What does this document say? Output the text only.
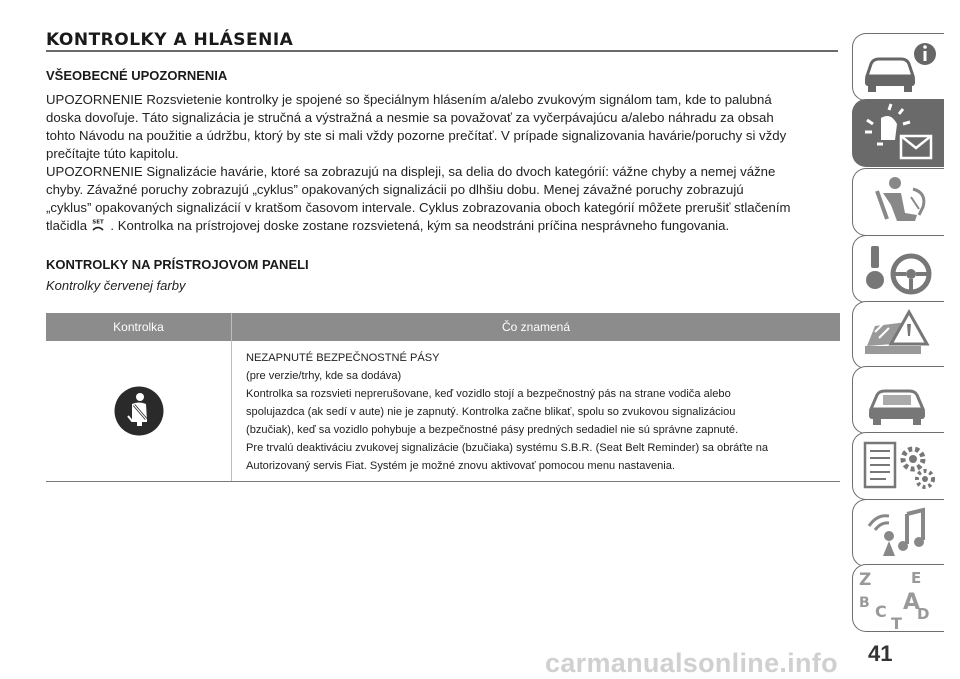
KONTROLKY A HLÁSENIA
VŠEOBECNÉ UPOZORNENIA
UPOZORNENIE Rozsvietenie kontrolky je spojené so špeciálnym hlásením a/alebo zvukovým signálom tam, kde to palubná
doska dovoľuje. Táto signalizácia je stručná a výstražná a nesmie sa považovať za vyčerpávajúcu a/alebo náhradu za obsah
tohto Návodu na použitie a údržbu, ktorý by ste si mali vždy pozorne prečítať. V prípade signalizovania havárie/poruchy si vždy
prečítajte túto kapitolu.
UPOZORNENIE Signalizácie havárie, ktoré sa zobrazujú na displeji, sa delia do dvoch kategórií: vážne chyby a nemej vážne
chyby. Závažné poruchy zobrazujú „cyklus” opakovaných signalizácii po dlhšiu dobu. Menej závažné poruchy zobrazujú
„cyklus” opakovaných signalizácií v kratšom časovom intervale. Cyklus zobrazovania oboch kategórií môžete prerušiť stlačením
tlačidla SET . Kontrolka na prístrojovej doske zostane rozsvietená, kým sa neodstráni príčina nesprávneho fungovania.
KONTROLKY NA PRÍSTROJOVOM PANELI

Kontrolky červenej farby

Kontrolka	Čo znamená
NEZAPNUTÉ BEZPEČNOSTNÉ PÁSY
(pre verzie/trhy, kde sa dodáva)
Kontrolka sa rozsvieti neprerušovane, keď vozidlo stojí a bezpečnostný pás na strane vodiča alebo
spolujazdca (ak sedí v aute) nie je zapnutý. Kontrolka začne blikať, spolu so zvukovou signalizáciou
(bzučiak), keď sa vozidlo pohybuje a bezpečnostné pásy predných sedadiel nie sú správne zapnuté.
Pre trvalú deaktiváciu zvukovej signalizácie (bzučiaka) systému S.B.R. (Seat Belt Reminder) sa obráťte na
Autorizovaný servis Fiat. Systém je možné znovu aktivovať pomocou menu nastavenia.
Z	E
B A
C D
T

41

carmanualsonline.info
